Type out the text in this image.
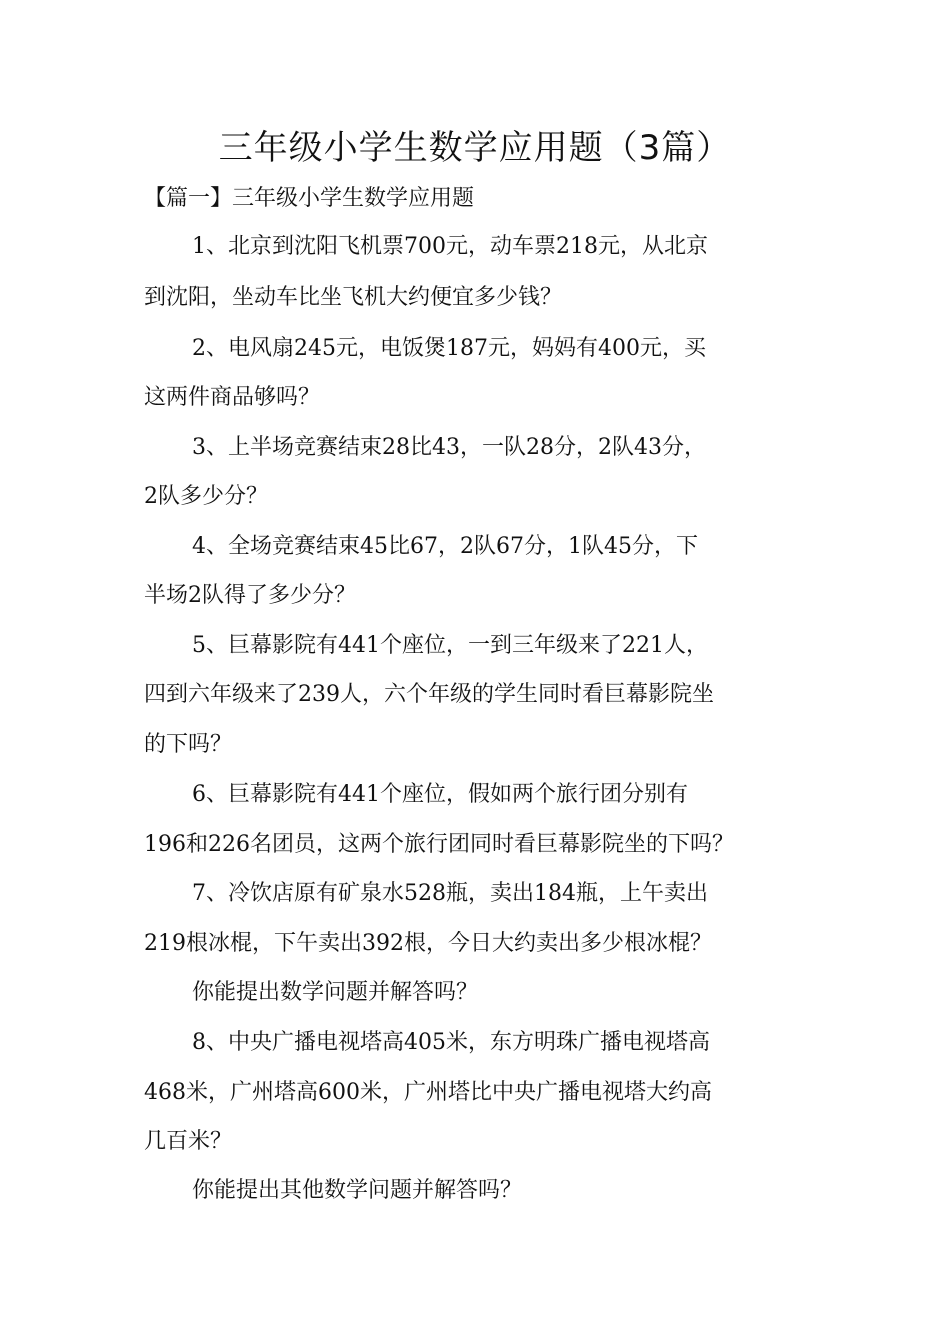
三年级小学生数学应用题（3篇）
【篇一】三年级小学生数学应用题
1、北京到沈阳飞机票700元，动车票218元，从北京
到沈阳，坐动车比坐飞机大约便宜多少钱？
2、电风扇245元，电饭煲187元，妈妈有400元，买
这两件商品够吗？
3、上半场竞赛结束28比43，一队28分，2队43分，
2队多少分？
4、全场竞赛结束45比67，2队67分，1队45分，下
半场2队得了多少分？
5、巨幕影院有441个座位，一到三年级来了221人，
四到六年级来了239人，六个年级的学生同时看巨幕影院坐
的下吗？
6、巨幕影院有441个座位，假如两个旅行团分别有
196和226名团员，这两个旅行团同时看巨幕影院坐的下吗？
7、冷饮店原有矿泉水528瓶，卖出184瓶，上午卖出
219根冰棍，下午卖出392根，今日大约卖出多少根冰棍？
你能提出数学问题并解答吗？
8、中央广播电视塔高405米，东方明珠广播电视塔高
468米，广州塔高600米，广州塔比中央广播电视塔大约高
几百米？
你能提出其他数学问题并解答吗？
